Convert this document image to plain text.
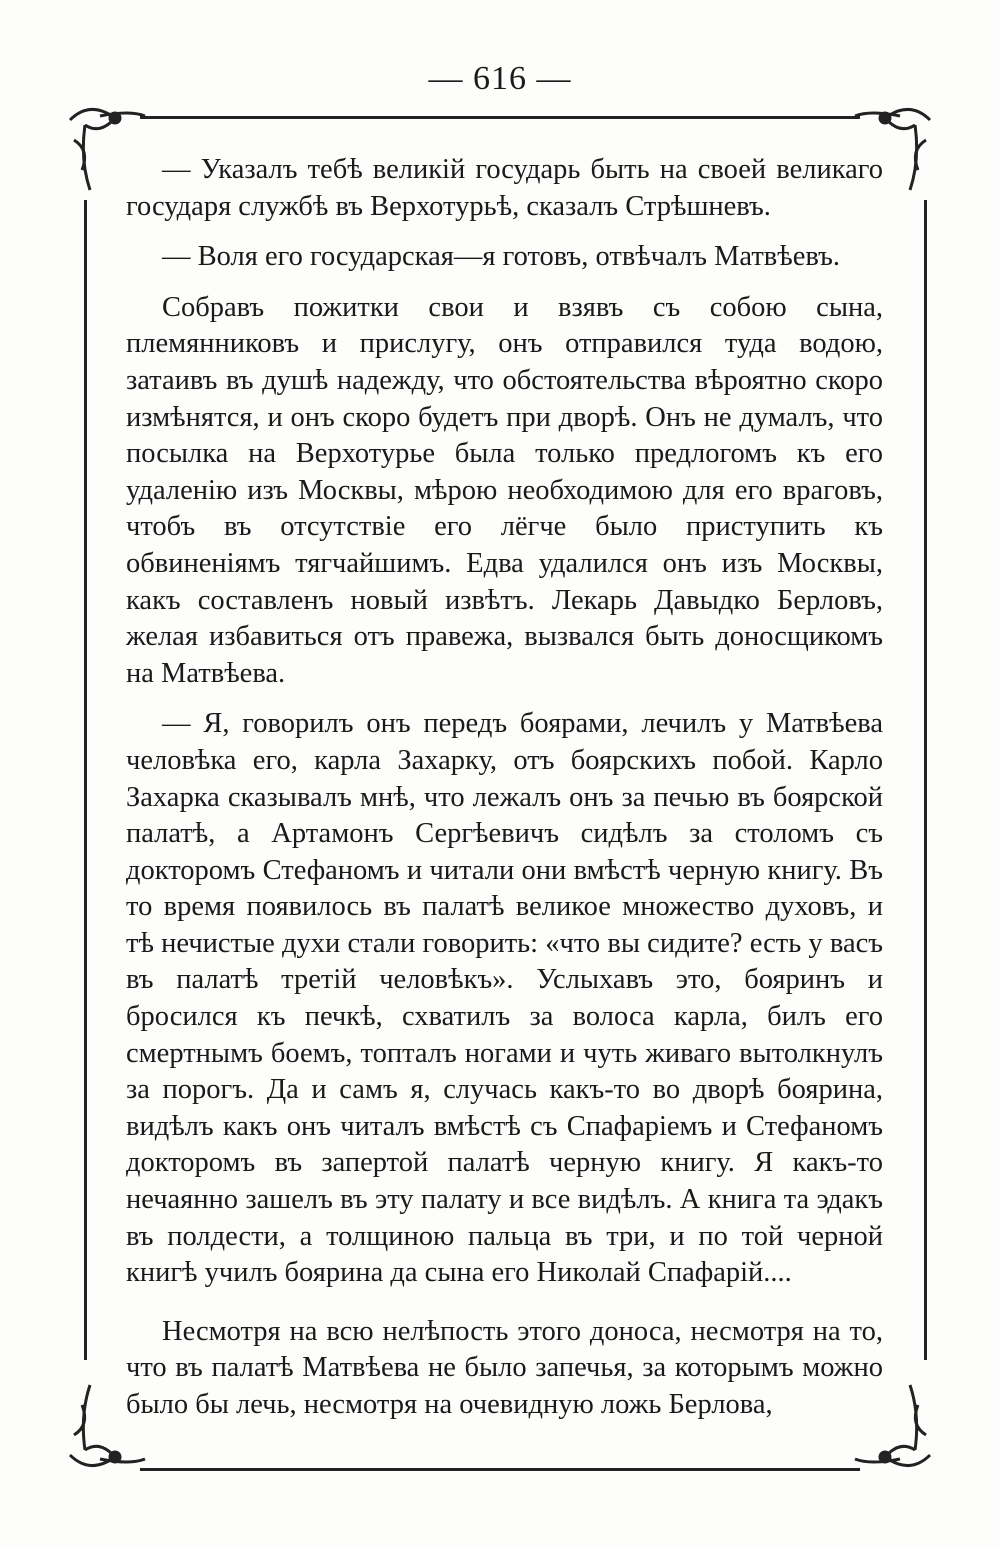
— 616 —

— Указалъ тебѣ великій государь быть на своей великаго государя службѣ въ Верхотурьѣ, сказалъ Стрѣшневъ.

— Воля его государская—я готовъ, отвѣчалъ Матвѣевъ.

Собравъ пожитки свои и взявъ съ собою сына, племянниковъ и прислугу, онъ отправился туда водою, затаивъ въ душѣ надежду, что обстоятельства вѣроятно скоро измѣнятся, и онъ скоро будетъ при дворѣ. Онъ не думалъ, что посылка на Верхотурье была только предлогомъ къ его удаленію изъ Москвы, мѣрою необходимою для его враговъ, чтобъ въ отсутствіе его лёгче было приступить къ обвиненіямъ тягчайшимъ. Едва удалился онъ изъ Москвы, какъ составленъ новый извѣтъ. Лекарь Давыдко Берловъ, желая избавиться отъ правежа, вызвался быть доносщикомъ на Матвѣева.

— Я, говорилъ онъ передъ боярами, лечилъ у Матвѣева человѣка его, карла Захарку, отъ боярскихъ побой. Карло Захарка сказывалъ мнѣ, что лежалъ онъ за печью въ боярской палатѣ, а Артамонъ Сергѣевичъ сидѣлъ за столомъ съ докторомъ Стефаномъ и читали они вмѣстѣ черную книгу. Въ то время появилось въ палатѣ великое множество духовъ, и тѣ нечистые духи стали говорить: «что вы сидите? есть у васъ въ палатѣ третій человѣкъ». Услыхавъ это, бояринъ и бросился къ печкѣ, схватилъ за волоса карла, билъ его смертнымъ боемъ, топталъ ногами и чуть живаго вытолкнулъ за порогъ. Да и самъ я, случась какъ-то во дворѣ боярина, видѣлъ какъ онъ читалъ вмѣстѣ съ Спафаріемъ и Стефаномъ докторомъ въ запертой палатѣ черную книгу. Я какъ-то нечаянно зашелъ въ эту палату и все видѣлъ. А книга та эдакъ въ полдести, а толщиною пальца въ три, и по той черной книгѣ училъ боярина да сына его Николай Спафарій....

Несмотря на всю нелѣпость этого доноса, несмотря на то, что въ палатѣ Матвѣева не было запечья, за которымъ можно было бы лечь, несмотря на очевидную ложь Берлова,
